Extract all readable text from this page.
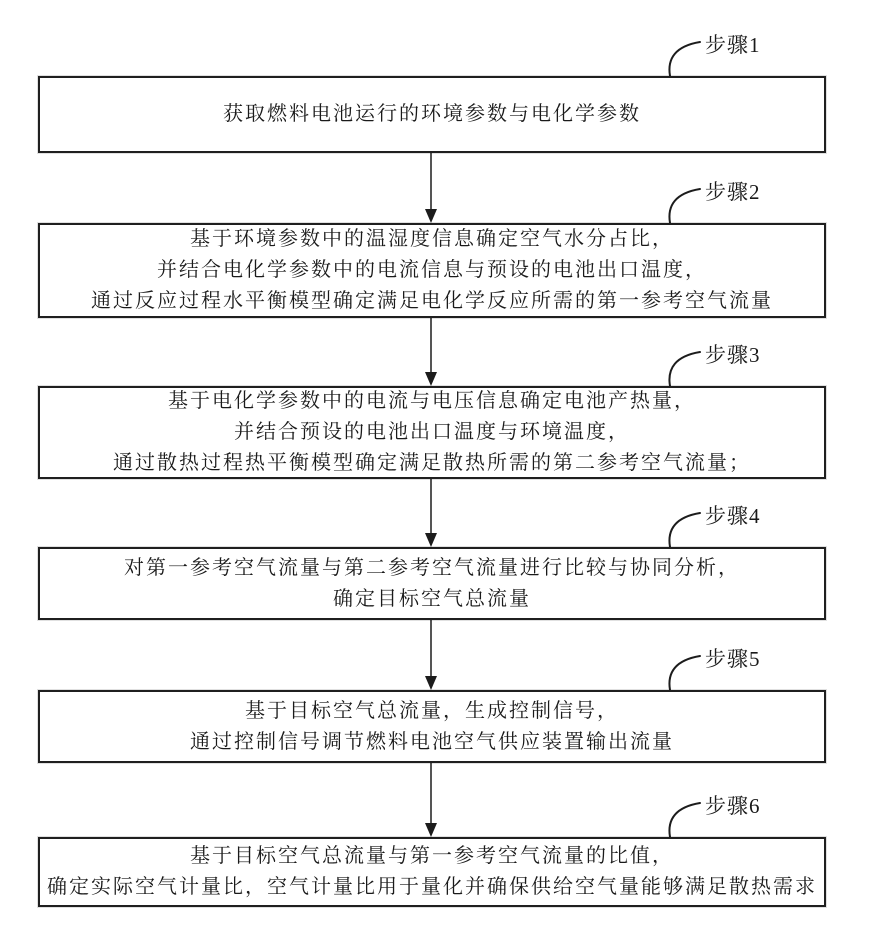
步骤1
步骤2
步骤3
步骤4
步骤5
步骤6
获取燃料电池运行的环境参数与电化学参数
基于环境参数中的温湿度信息确定空气水分占比，
并结合电化学参数中的电流信息与预设的电池出口温度，
通过反应过程水平衡模型确定满足电化学反应所需的第一参考空气流量
基于电化学参数中的电流与电压信息确定电池产热量，
并结合预设的电池出口温度与环境温度，
通过散热过程热平衡模型确定满足散热所需的第二参考空气流量；
对第一参考空气流量与第二参考空气流量进行比较与协同分析，
确定目标空气总流量
基于目标空气总流量，生成控制信号，
通过控制信号调节燃料电池空气供应装置输出流量
基于目标空气总流量与第一参考空气流量的比值，
确定实际空气计量比，空气计量比用于量化并确保供给空气量能够满足散热需求
